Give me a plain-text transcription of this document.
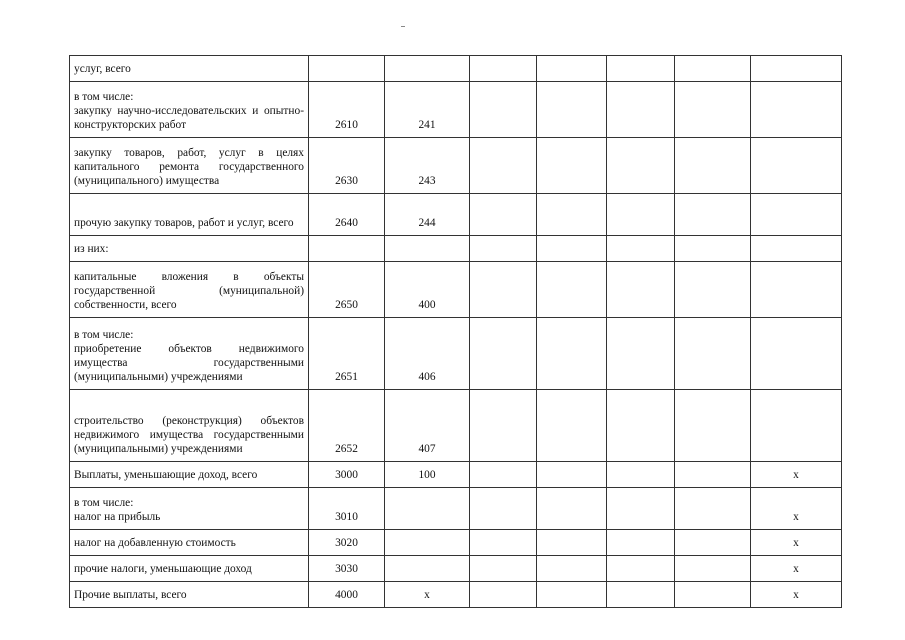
услуг, всего							

в том числе:
закупку научно-исследовательских и опытно-конструкторских работ	2610	241					

закупку товаров, работ, услуг в целях капитального ремонта государственного (муниципального) имущества	2630	243					

прочую закупку товаров, работ и услуг, всего	2640	244					

из них:							

капитальные вложения в объекты государственной (муниципальной) собственности, всего	2650	400					

в том числе:
приобретение объектов недвижимого имущества государственными (муниципальными) учреждениями	2651	406					

строительство (реконструкция) объектов недвижимого имущества государственными (муниципальными) учреждениями	2652	407					

Выплаты, уменьшающие доход, всего	3000	100					х

в том числе:
налог на прибыль	3010						х

налог на добавленную стоимость	3020						х

прочие налоги, уменьшающие доход	3030						х

Прочие выплаты, всего	4000	х					х
